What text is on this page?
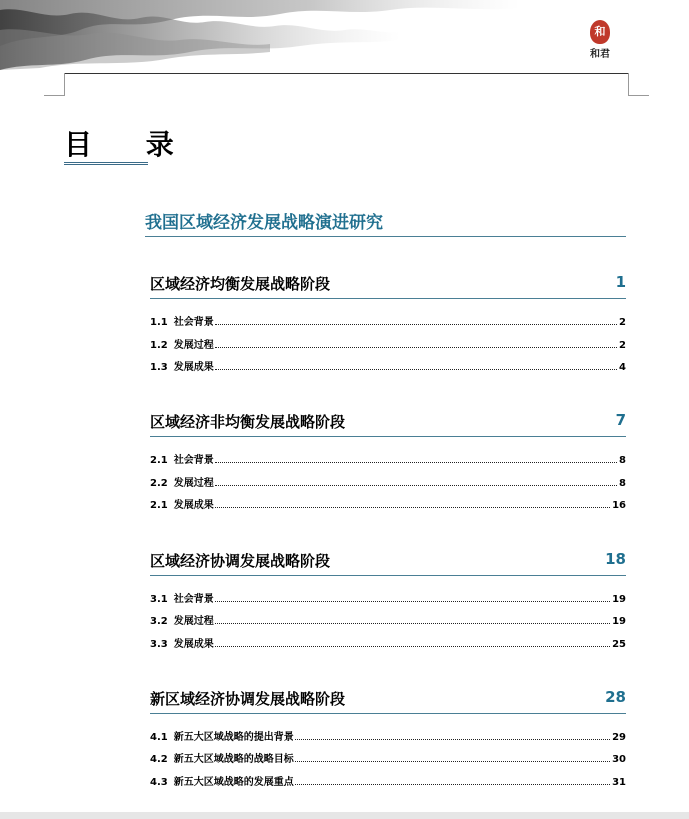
和
和君
目 录
我国区域经济发展战略演进研究
区域经济均衡发展战略阶段	1
1.1 社会背景	2
1.2 发展过程	2
1.3 发展成果	4
区域经济非均衡发展战略阶段	7
2.1 社会背景	8
2.2 发展过程	8
2.1 发展成果	16
区域经济协调发展战略阶段	18
3.1 社会背景	19
3.2 发展过程	19
3.3 发展成果	25
新区域经济协调发展战略阶段	28
4.1 新五大区域战略的提出背景	29
4.2 新五大区域战略的战略目标	30
4.3 新五大区域战略的发展重点	31
